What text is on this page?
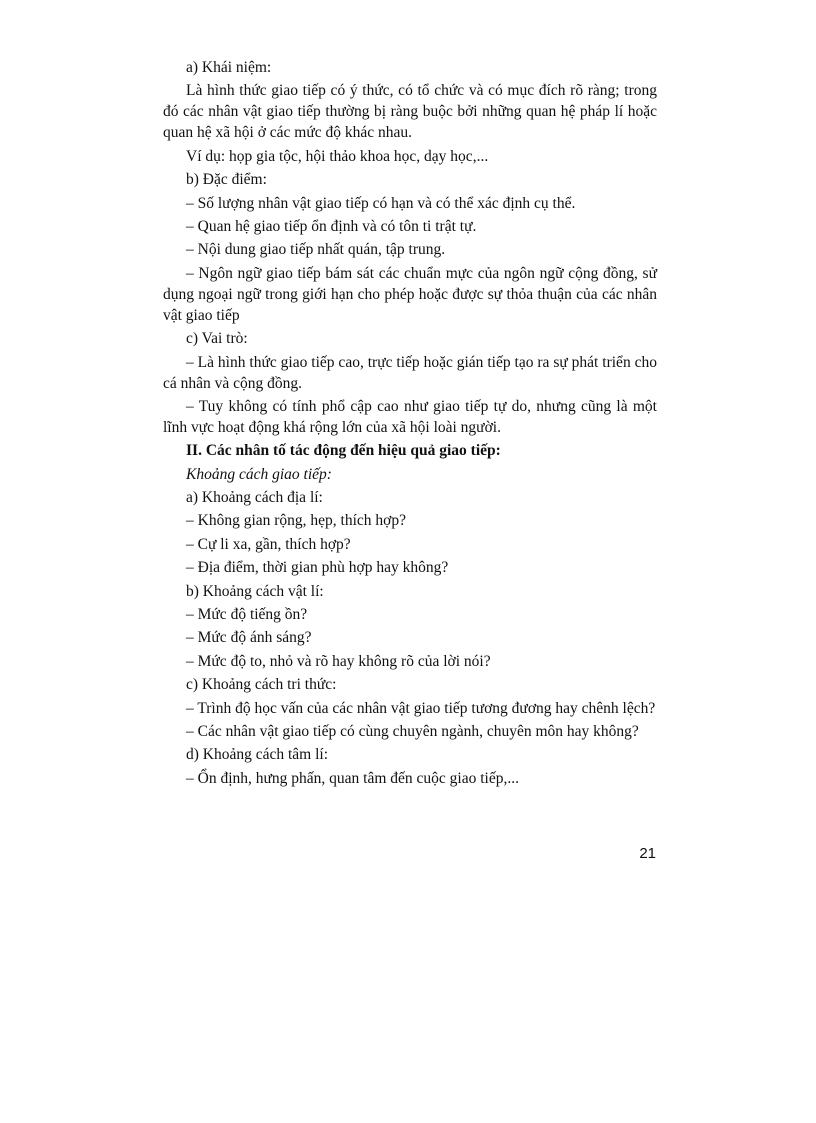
a) Khái niệm:

Là hình thức giao tiếp có ý thức, có tổ chức và có mục đích rõ ràng; trong đó các nhân vật giao tiếp thường bị ràng buộc bởi những quan hệ pháp lí hoặc quan hệ xã hội ở các mức độ khác nhau.

Ví dụ: họp gia tộc, hội thảo khoa học, dạy học,...

b) Đặc điểm:

– Số lượng nhân vật giao tiếp có hạn và có thể xác định cụ thể.

– Quan hệ giao tiếp ổn định và có tôn ti trật tự.

– Nội dung giao tiếp nhất quán, tập trung.

– Ngôn ngữ giao tiếp bám sát các chuẩn mực của ngôn ngữ cộng đồng, sử dụng ngoại ngữ trong giới hạn cho phép hoặc được sự thỏa thuận của các nhân vật giao tiếp

c) Vai trò:

– Là hình thức giao tiếp cao, trực tiếp hoặc gián tiếp tạo ra sự phát triển cho cá nhân và cộng đồng.

– Tuy không có tính phổ cập cao như giao tiếp tự do, nhưng cũng là một lĩnh vực hoạt động khá rộng lớn của xã hội loài người.

II. Các nhân tố tác động đến hiệu quả giao tiếp:

Khoảng cách giao tiếp:

a) Khoảng cách địa lí:

– Không gian rộng, hẹp, thích hợp?

– Cự li xa, gần, thích hợp?

– Địa điểm, thời gian phù hợp hay không?

b) Khoảng cách vật lí:

– Mức độ tiếng ồn?

– Mức độ ánh sáng?

– Mức độ to, nhỏ và rõ hay không rõ của lời nói?

c) Khoảng cách tri thức:

– Trình độ học vấn của các nhân vật giao tiếp tương đương hay chênh lệch?

– Các nhân vật giao tiếp có cùng chuyên ngành, chuyên môn hay không?

d) Khoảng cách tâm lí:

– Ổn định, hưng phấn, quan tâm đến cuộc giao tiếp,...

21
